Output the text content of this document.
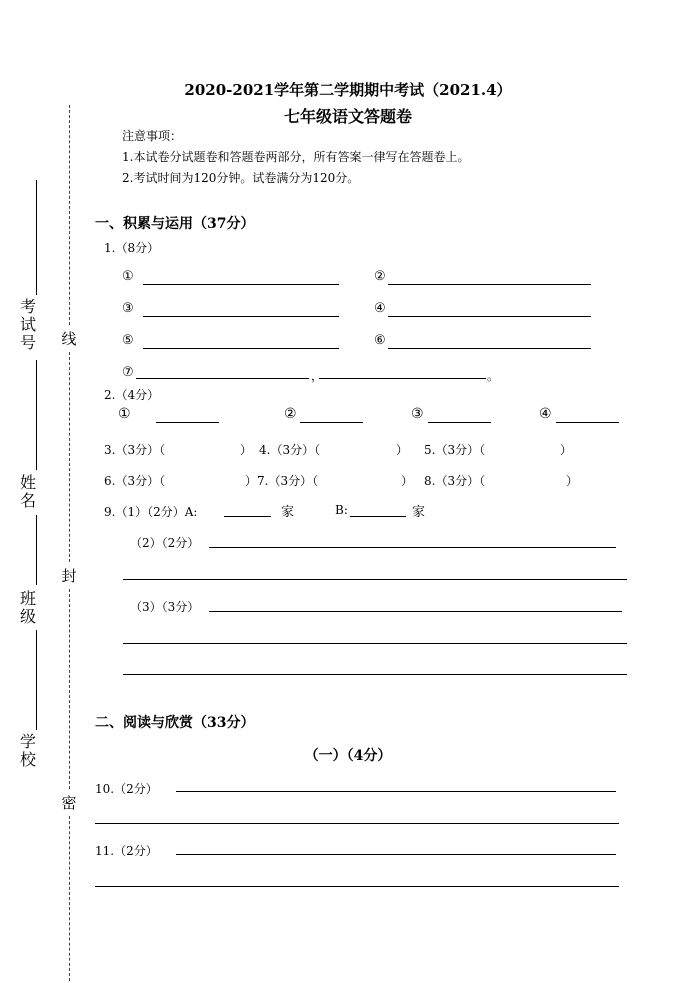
2020-2021学年第二学期期中考试（2021.4）
七年级语文答题卷
注意事项：
1.本试卷分试题卷和答题卷两部分，所有答案一律写在答题卷上。
2.考试时间为120分钟。试卷满分为120分。
考试号
姓名
班级
学校
线
封
密
一、积累与运用（37分）
1.（8分）
①	②
③	④
⑤	⑥
⑦	，	。
2.（4分）
①	②	③	④
3.（3分）（	） 4.（3分）（	） 5.（3分）（	）
6.（3分）（	）7.（3分）（	） 8.（3分）（	）
9.（1）（2分）A:	家	B:	家
（2）（2分）
（3）（3分）
二、阅读与欣赏（33分）
（一）（4分）
10.（2分）
11.（2分）
